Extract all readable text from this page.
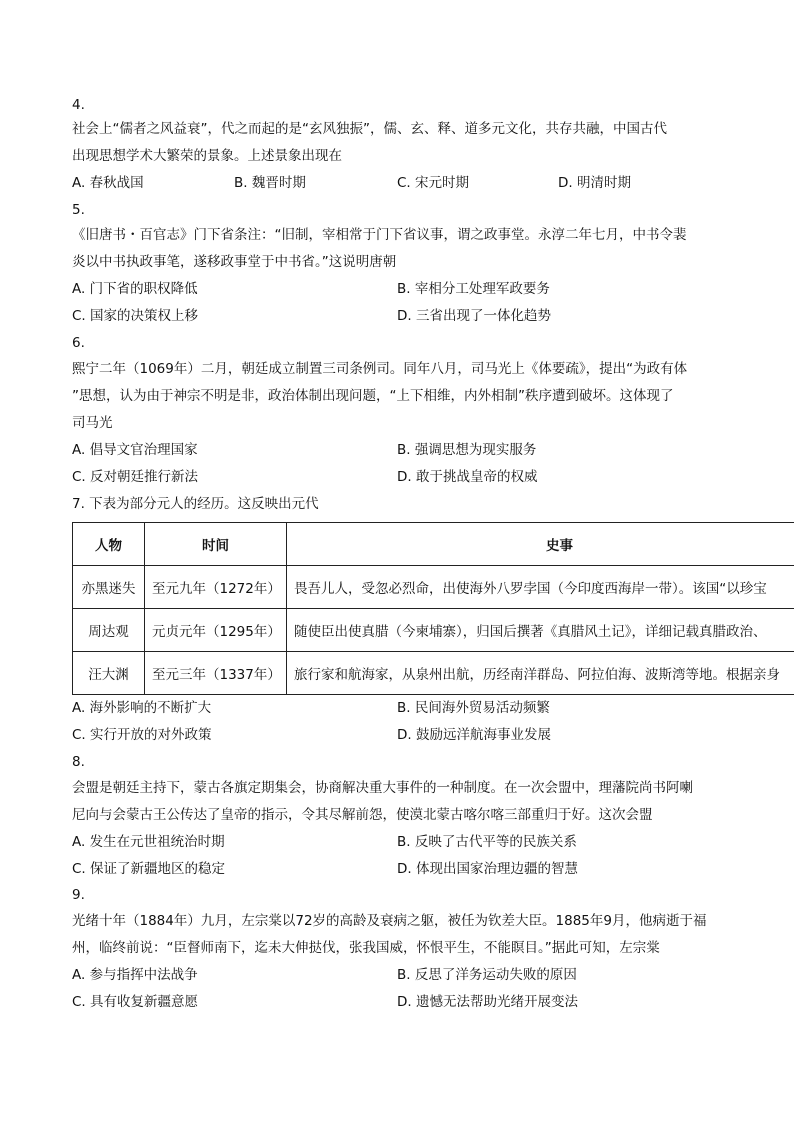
4.
社会上“儒者之风益衰”，代之而起的是“玄风独振”，儒、玄、释、道多元文化，共存共融，中国古代
出现思想学术大繁荣的景象。上述景象出现在
A. 春秋战国	B. 魏晋时期	C. 宋元时期	D. 明清时期
5.
《旧唐书・百官志》门下省条注：“旧制，宰相常于门下省议事，谓之政事堂。永淳二年七月，中书令裴
炎以中书执政事笔，遂移政事堂于中书省。”这说明唐朝
A. 门下省的职权降低	B. 宰相分工处理军政要务
C. 国家的决策权上移	D. 三省出现了一体化趋势
6.
熙宁二年（1069年）二月，朝廷成立制置三司条例司。同年八月，司马光上《体要疏》，提出“为政有体
”思想，认为由于神宗不明是非，政治体制出现问题，“上下相维，内外相制”秩序遭到破坏。这体现了
司马光
A. 倡导文官治理国家	B. 强调思想为现实服务
C. 反对朝廷推行新法	D. 敢于挑战皇帝的权威
7. 下表为部分元人的经历。这反映出元代
人物	时间	史事
亦黑迷失	至元九年（1272年）	畏吾儿人，受忽必烈命，出使海外八罗孛国（今印度西海岸一带）。该国“以珍宝
周达观	元贞元年（1295年）	随使臣出使真腊（今柬埔寨），归国后撰著《真腊风土记》，详细记载真腊政治、
汪大渊	至元三年（1337年）	旅行家和航海家，从泉州出航，历经南洋群岛、阿拉伯海、波斯湾等地。根据亲身
A. 海外影响的不断扩大	B. 民间海外贸易活动频繁
C. 实行开放的对外政策	D. 鼓励远洋航海事业发展
8.
会盟是朝廷主持下，蒙古各旗定期集会，协商解决重大事件的一种制度。在一次会盟中，理藩院尚书阿喇
尼向与会蒙古王公传达了皇帝的指示，令其尽解前怨，使漠北蒙古喀尔喀三部重归于好。这次会盟
A. 发生在元世祖统治时期	B. 反映了古代平等的民族关系
C. 保证了新疆地区的稳定	D. 体现出国家治理边疆的智慧
9.
光绪十年（1884年）九月，左宗棠以72岁的高龄及衰病之躯，被任为钦差大臣。1885年9月，他病逝于福
州，临终前说：“臣督师南下，迄未大伸挞伐，张我国威，怀恨平生，不能瞑目。”据此可知，左宗棠
A. 参与指挥中法战争	B. 反思了洋务运动失败的原因
C. 具有收复新疆意愿	D. 遗憾无法帮助光绪开展变法
